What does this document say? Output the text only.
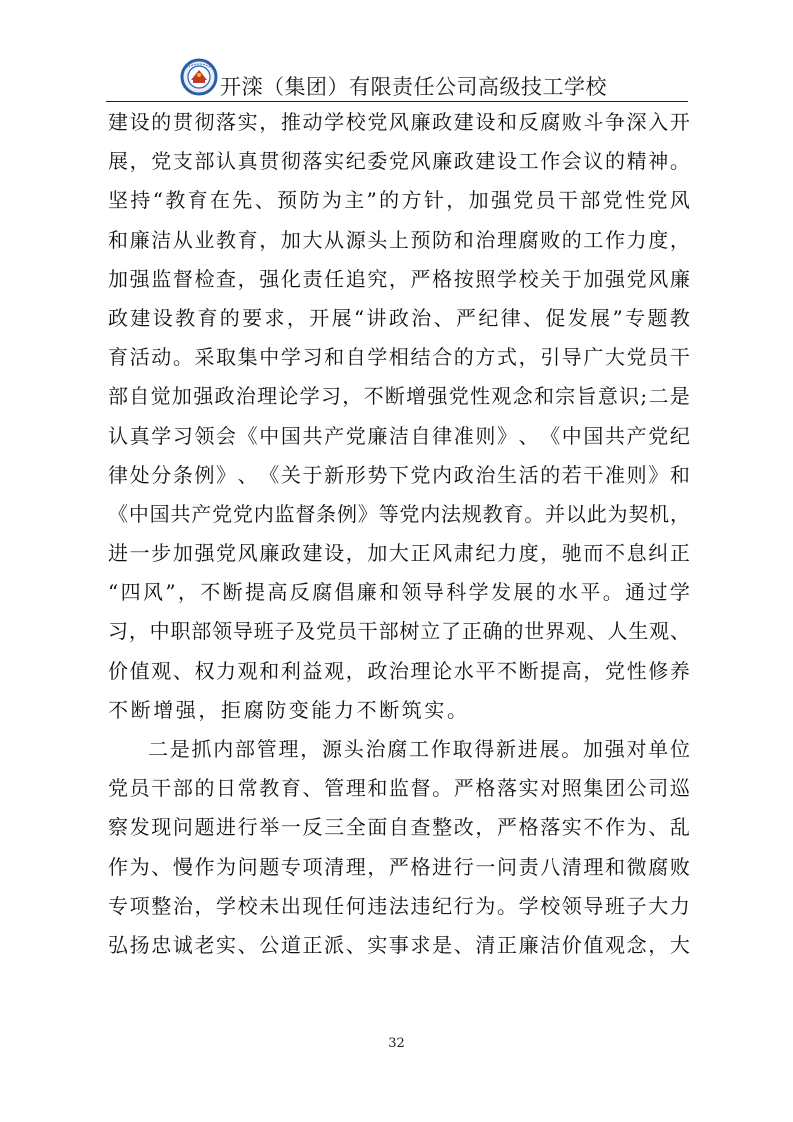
开滦（集团）有限责任公司高级技工学校
建 设 的 贯 彻 落 实 ， 推 动 学 校 党 风 廉 政 建 设 和 反 腐 败 斗 争 深 入 开
展 ， 党 支 部 认 真 贯 彻 落 实 纪 委 党 风 廉 政 建 设 工 作 会 议 的 精 神 。
坚 持 “ 教 育 在 先 、 预 防 为 主 ” 的 方 针 ， 加 强 党 员 干 部 党 性 党 风
和 廉 洁 从 业 教 育 ， 加 大 从 源 头 上 预 防 和 治 理 腐 败 的 工 作 力 度 ，
加 强 监 督 检 查 ， 强 化 责 任 追 究 ， 严 格 按 照 学 校 关 于 加 强 党 风 廉
政 建 设 教 育 的 要 求 ， 开 展 “ 讲 政 治 、 严 纪 律 、 促 发 展 ” 专 题 教
育 活 动 。 采 取 集 中 学 习 和 自 学 相 结 合 的 方 式 ， 引 导 广 大 党 员 干
部 自 觉 加 强 政 治 理 论 学 习 ， 不 断 增 强 党 性 观 念 和 宗 旨 意 识 ; 二 是
认 真 学 习 领 会 《 中 国 共 产 党 廉 洁 自 律 准 则 》 、 《 中 国 共 产 党 纪
律 处 分 条 例 》 、 《 关 于 新 形 势 下 党 内 政 治 生 活 的 若 干 准 则 》 和
《 中 国 共 产 党 党 内 监 督 条 例 》 等 党 内 法 规 教 育 。 并 以 此 为 契 机 ，
进 一 步 加 强 党 风 廉 政 建 设 ， 加 大 正 风 肃 纪 力 度 ， 驰 而 不 息 纠 正
“ 四 风 ” ， 不 断 提 高 反 腐 倡 廉 和 领 导 科 学 发 展 的 水 平 。 通 过 学
习 ， 中 职 部 领 导 班 子 及 党 员 干 部 树 立 了 正 确 的 世 界 观 、 人 生 观 、
价 值 观 、 权 力 观 和 利 益 观 ， 政 治 理 论 水 平 不 断 提 高 ， 党 性 修 养
不断增强，拒腐防变能力不断筑实。
二 是 抓 内 部 管 理 ， 源 头 治 腐 工 作 取 得 新 进 展 。 加 强 对 单 位
党 员 干 部 的 日 常 教 育 、 管 理 和 监 督 。 严 格 落 实 对 照 集 团 公 司 巡
察 发 现 问 题 进 行 举 一 反 三 全 面 自 查 整 改 ， 严 格 落 实 不 作 为 、 乱
作 为 、 慢 作 为 问 题 专 项 清 理 ， 严 格 进 行 一 问 责 八 清 理 和 微 腐 败
专 项 整 治 ， 学 校 未 出 现 任 何 违 法 违 纪 行 为 。 学 校 领 导 班 子 大 力
弘 扬 忠 诚 老 实 、 公 道 正 派 、 实 事 求 是 、 清 正 廉 洁 价 值 观 念 ， 大
32
